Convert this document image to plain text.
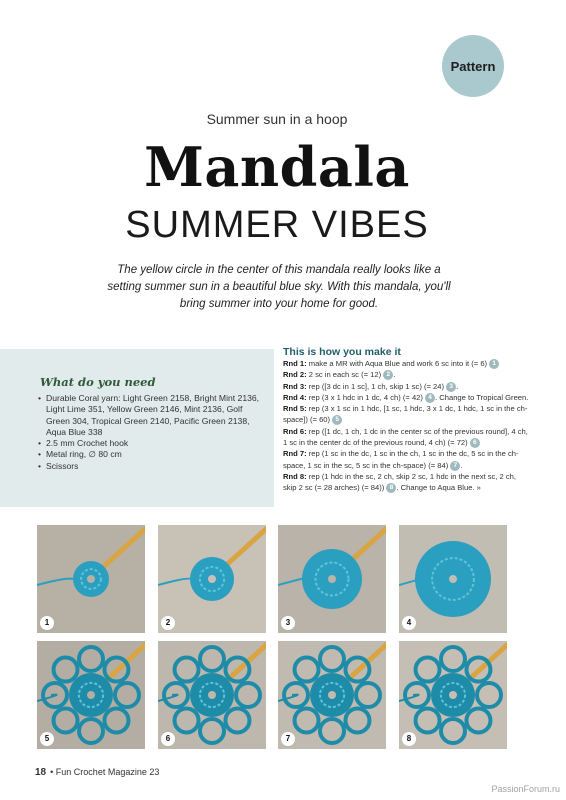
Pattern
Summer sun in a hoop
Mandala
SUMMER VIBES
The yellow circle in the center of this mandala really looks like a setting summer sun in a beautiful blue sky. With this mandala, you'll bring summer into your home for good.
What do you need
• Durable Coral yarn: Light Green 2158, Bright Mint 2136, Light Lime 351, Yellow Green 2146, Mint 2136, Golf Green 304, Tropical Green 2140, Pacific Green 2138, Aqua Blue 338
• 2.5 mm Crochet hook
• Metal ring, ∅ 80 cm
• Scissors
This is how you make it
Rnd 1: make a MR with Aqua Blue and work 6 sc into it (= 6) 1
Rnd 2: 2 sc in each sc (= 12) 2 .
Rnd 3: rep ([3 dc in 1 sc], 1 ch, skip 1 sc) (= 24) 3 .
Rnd 4: rep (3 x 1 hdc in 1 dc, 4 ch) (= 42) 4 . Change to Tropical Green.
Rnd 5: rep (3 x 1 sc in 1 hdc, [1 sc, 1 hdc, 3 x 1 dc, 1 hdc, 1 sc in the ch-space]) (= 60) 5
Rnd 6: rep ([1 dc, 1 ch, 1 dc in the center sc of the previous round], 4 ch, 1 sc in the center dc of the previous round, 4 ch) (= 72) 6
Rnd 7: rep (1 sc in the dc, 1 sc in the ch, 1 sc in the dc, 5 sc in the ch-space, 1 sc in the sc, 5 sc in the ch-space) (= 84) 7 .
Rnd 8: rep (1 hdc in the sc, 2 ch, skip 2 sc, 1 hdc in the next sc, 2 ch, skip 2 sc (= 28 arches) (= 84)) 8 . Change to Aqua Blue. »
1	2	3	4
5	6	7	8
18 • Fun Crochet Magazine 23
PassionForum.ru
